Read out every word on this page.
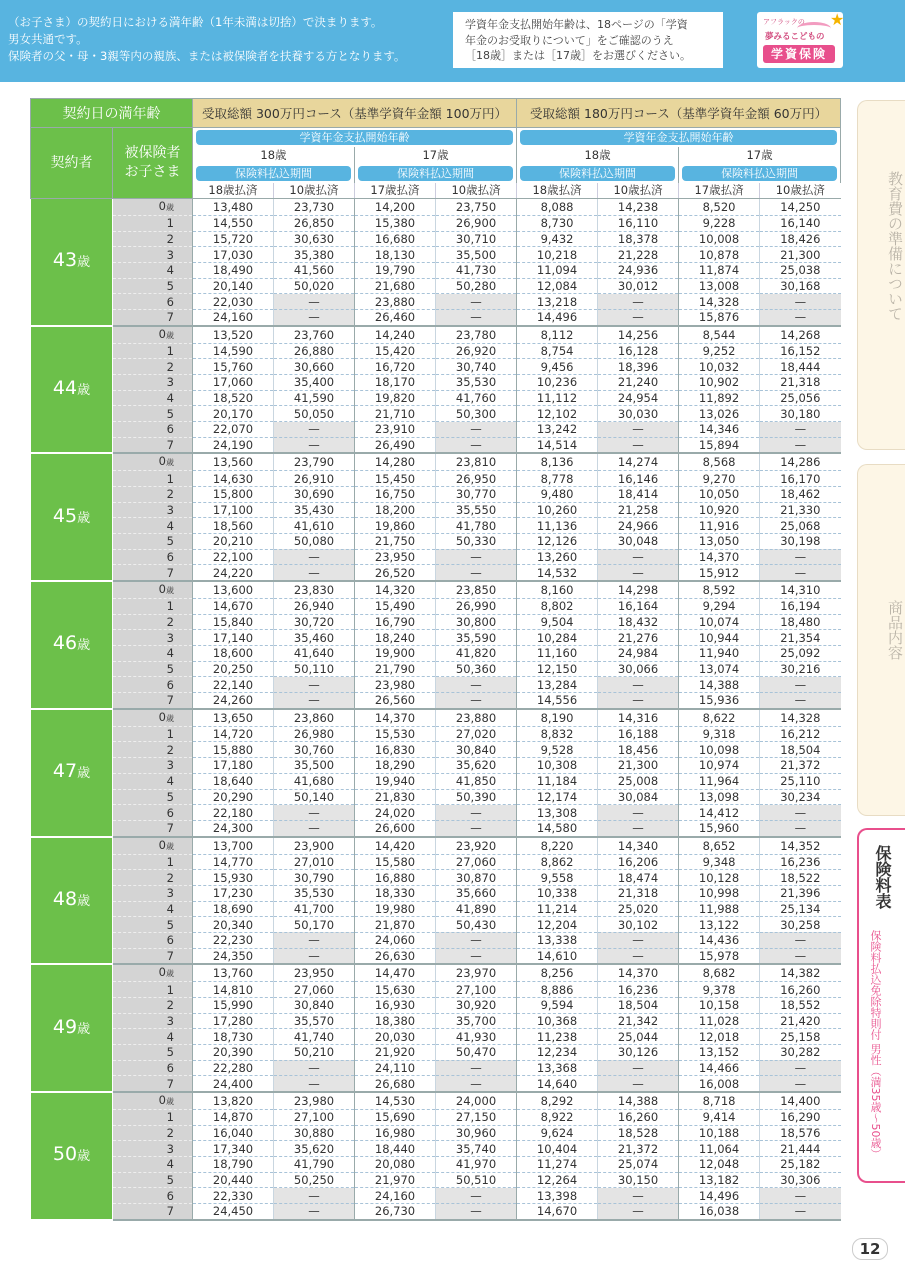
（お子さま）の契約日における満年齢（1年未満は切捨）で決まります。
男女共通です。
保険者の父・母・3親等内の親族、または被保険者を扶養する方となります。
学資年金支払開始年齢は、18ページの「学資
年金のお受取りについて」をご確認のうえ
［18歳］または［17歳］をお選びください。
アフラックの ★
夢みるこどもの
学資保険
契約日の満年齢		受取総額 300万円コース（基準学資年金額 100万円）				受取総額 180万円コース（基準学資年金額 60万円）			
契約者	被保険者
お子さま	学資年金支払開始年齢				学資年金支払開始年齢			

		18歳		17歳		18歳		17歳	

		保険料払込期間		保険料払込期間		保険料払込期間		保険料払込期間	

		18歳払済	10歳払済	17歳払済	10歳払済	18歳払済	10歳払済	17歳払済	10歳払済
43歳	0歳	13,480	23,730	14,200	23,750	8,088	14,238	8,520	14,250
	1	14,550	26,850	15,380	26,900	8,730	16,110	9,228	16,140
	2	15,720	30,630	16,680	30,710	9,432	18,378	10,008	18,426
	3	17,030	35,380	18,130	35,500	10,218	21,228	10,878	21,300
	4	18,490	41,560	19,790	41,730	11,094	24,936	11,874	25,038
	5	20,140	50,020	21,680	50,280	12,084	30,012	13,008	30,168
	6	22,030	—	23,880	—	13,218	—	14,328	—
	7	24,160	—	26,460	—	14,496	—	15,876	—
44歳	0歳	13,520	23,760	14,240	23,780	8,112	14,256	8,544	14,268
	1	14,590	26,880	15,420	26,920	8,754	16,128	9,252	16,152
	2	15,760	30,660	16,720	30,740	9,456	18,396	10,032	18,444
	3	17,060	35,400	18,170	35,530	10,236	21,240	10,902	21,318
	4	18,520	41,590	19,820	41,760	11,112	24,954	11,892	25,056
	5	20,170	50,050	21,710	50,300	12,102	30,030	13,026	30,180
	6	22,070	—	23,910	—	13,242	—	14,346	—
	7	24,190	—	26,490	—	14,514	—	15,894	—
45歳	0歳	13,560	23,790	14,280	23,810	8,136	14,274	8,568	14,286
	1	14,630	26,910	15,450	26,950	8,778	16,146	9,270	16,170
	2	15,800	30,690	16,750	30,770	9,480	18,414	10,050	18,462
	3	17,100	35,430	18,200	35,550	10,260	21,258	10,920	21,330
	4	18,560	41,610	19,860	41,780	11,136	24,966	11,916	25,068
	5	20,210	50,080	21,750	50,330	12,126	30,048	13,050	30,198
	6	22,100	—	23,950	—	13,260	—	14,370	—
	7	24,220	—	26,520	—	14,532	—	15,912	—
46歳	0歳	13,600	23,830	14,320	23,850	8,160	14,298	8,592	14,310
	1	14,670	26,940	15,490	26,990	8,802	16,164	9,294	16,194
	2	15,840	30,720	16,790	30,800	9,504	18,432	10,074	18,480
	3	17,140	35,460	18,240	35,590	10,284	21,276	10,944	21,354
	4	18,600	41,640	19,900	41,820	11,160	24,984	11,940	25,092
	5	20,250	50,110	21,790	50,360	12,150	30,066	13,074	30,216
	6	22,140	—	23,980	—	13,284	—	14,388	—
	7	24,260	—	26,560	—	14,556	—	15,936	—
47歳	0歳	13,650	23,860	14,370	23,880	8,190	14,316	8,622	14,328
	1	14,720	26,980	15,530	27,020	8,832	16,188	9,318	16,212
	2	15,880	30,760	16,830	30,840	9,528	18,456	10,098	18,504
	3	17,180	35,500	18,290	35,620	10,308	21,300	10,974	21,372
	4	18,640	41,680	19,940	41,850	11,184	25,008	11,964	25,110
	5	20,290	50,140	21,830	50,390	12,174	30,084	13,098	30,234
	6	22,180	—	24,020	—	13,308	—	14,412	—
	7	24,300	—	26,600	—	14,580	—	15,960	—
48歳	0歳	13,700	23,900	14,420	23,920	8,220	14,340	8,652	14,352
	1	14,770	27,010	15,580	27,060	8,862	16,206	9,348	16,236
	2	15,930	30,790	16,880	30,870	9,558	18,474	10,128	18,522
	3	17,230	35,530	18,330	35,660	10,338	21,318	10,998	21,396
	4	18,690	41,700	19,980	41,890	11,214	25,020	11,988	25,134
	5	20,340	50,170	21,870	50,430	12,204	30,102	13,122	30,258
	6	22,230	—	24,060	—	13,338	—	14,436	—
	7	24,350	—	26,630	—	14,610	—	15,978	—
49歳	0歳	13,760	23,950	14,470	23,970	8,256	14,370	8,682	14,382
	1	14,810	27,060	15,630	27,100	8,886	16,236	9,378	16,260
	2	15,990	30,840	16,930	30,920	9,594	18,504	10,158	18,552
	3	17,280	35,570	18,380	35,700	10,368	21,342	11,028	21,420
	4	18,730	41,740	20,030	41,930	11,238	25,044	12,018	25,158
	5	20,390	50,210	21,920	50,470	12,234	30,126	13,152	30,282
	6	22,280	—	24,110	—	13,368	—	14,466	—
	7	24,400	—	26,680	—	14,640	—	16,008	—
50歳	0歳	13,820	23,980	14,530	24,000	8,292	14,388	8,718	14,400
	1	14,870	27,100	15,690	27,150	8,922	16,260	9,414	16,290
	2	16,040	30,880	16,980	30,960	9,624	18,528	10,188	18,576
	3	17,340	35,620	18,440	35,740	10,404	21,372	11,064	21,444
	4	18,790	41,790	20,080	41,970	11,274	25,074	12,048	25,182
	5	20,440	50,250	21,970	50,510	12,264	30,150	13,182	30,306
	6	22,330	—	24,160	—	13,398	—	14,496	—
	7	24,450	—	26,730	—	14,670	—	16,038	—
教育費の準備について
商品内容
保険料表
保険料払込免除特則付 男性（満35歳〜50歳）
12
